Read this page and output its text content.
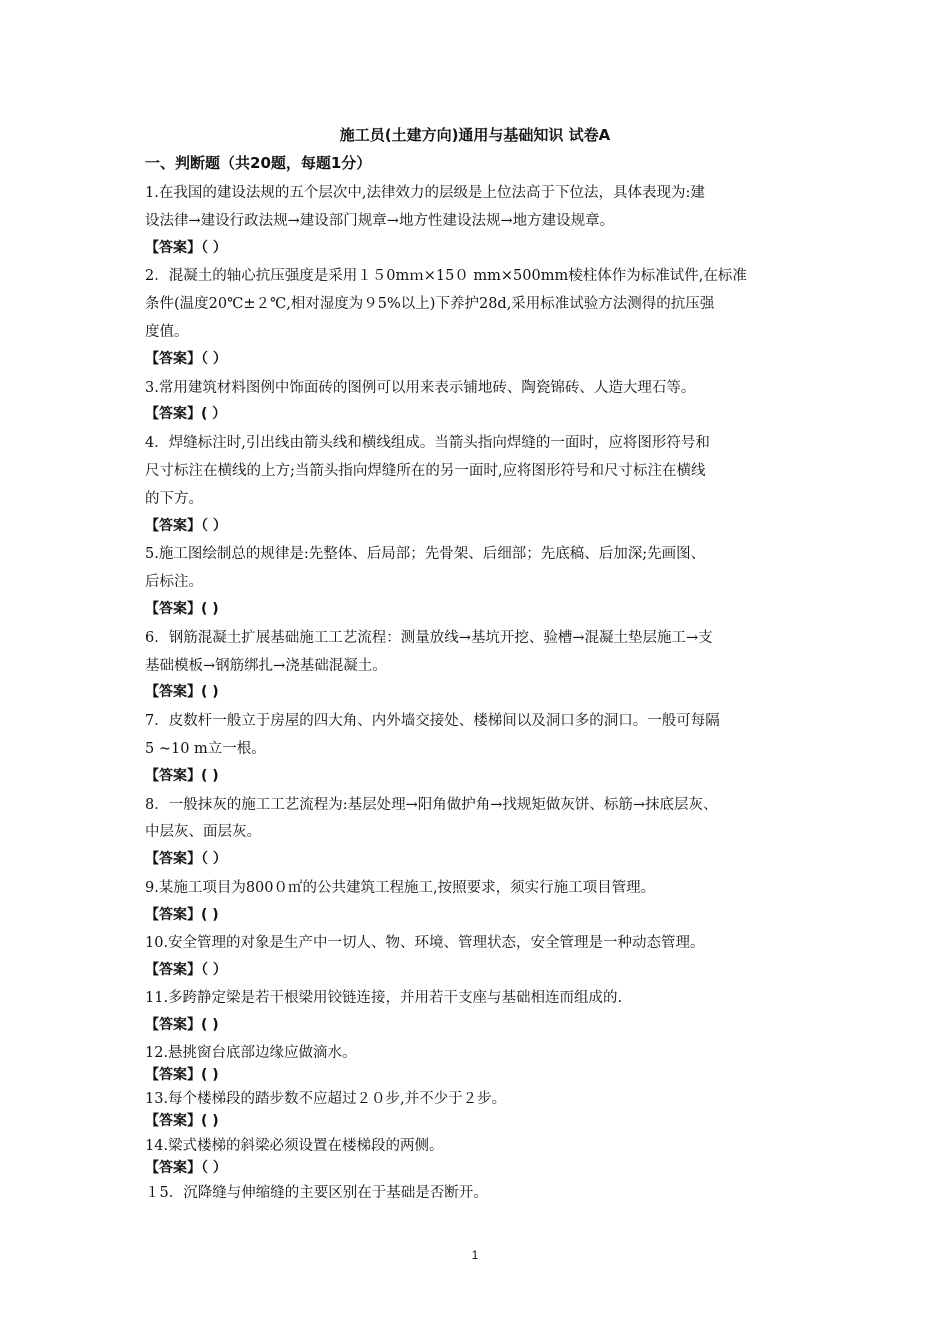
施工员(土建方向)通用与基础知识 试卷A
一、判断题（共20题，每题1分）
1.在我国的建设法规的五个层次中,法律效力的层级是上位法高于下位法，具体表现为:建
设法律→建设行政法规→建设部门规章→地方性建设法规→地方建设规章。
【答案】（ ）
2．混凝土的轴心抗压强度是采用１５0mｍ×15０ mm×500mm棱柱体作为标准试件,在标准
条件(温度20℃±２℃,相对湿度为９5%以上)下养护28d,采用标准试验方法测得的抗压强
度值。
【答案】（ ）
3.常用建筑材料图例中饰面砖的图例可以用来表示铺地砖、陶瓷锦砖、人造大理石等。
【答案】( ）
4．焊缝标注时,引出线由箭头线和横线组成。当箭头指向焊缝的一面时，应将图形符号和
尺寸标注在横线的上方;当箭头指向焊缝所在的另一面时,应将图形符号和尺寸标注在横线
的下方。
【答案】（ ）
5.施工图绘制总的规律是:先整体、后局部；先骨架、后细部；先底稿、后加深;先画图、
后标注。
【答案】( )
6．钢筋混凝土扩展基础施工工艺流程：测量放线→基坑开挖、验槽→混凝土垫层施工→支
基础模板→钢筋绑扎→浇基础混凝土。
【答案】( )
7．皮数杆一般立于房屋的四大角、内外墙交接处、楼梯间以及洞口多的洞口。一般可每隔
5 ~10 m立一根。
【答案】( )
8．一般抹灰的施工工艺流程为:基层处理→阳角做护角→找规矩做灰饼、标筋→抹底层灰、
中层灰、面层灰。
【答案】（ ）
9.某施工项目为800０㎡的公共建筑工程施工,按照要求，须实行施工项目管理。
【答案】( )
10.安全管理的对象是生产中一切人、物、环境、管理状态，安全管理是一种动态管理。
【答案】（ ）
11.多跨静定梁是若干根梁用铰链连接，并用若干支座与基础相连而组成的.
【答案】( )
12.悬挑窗台底部边缘应做滴水。
【答案】( )
13.每个楼梯段的踏步数不应超过２０步,并不少于２步。
【答案】( )
14.梁式楼梯的斜梁必须设置在楼梯段的两侧。
【答案】（ ）
１5．沉降缝与伸缩缝的主要区别在于基础是否断开。
1
